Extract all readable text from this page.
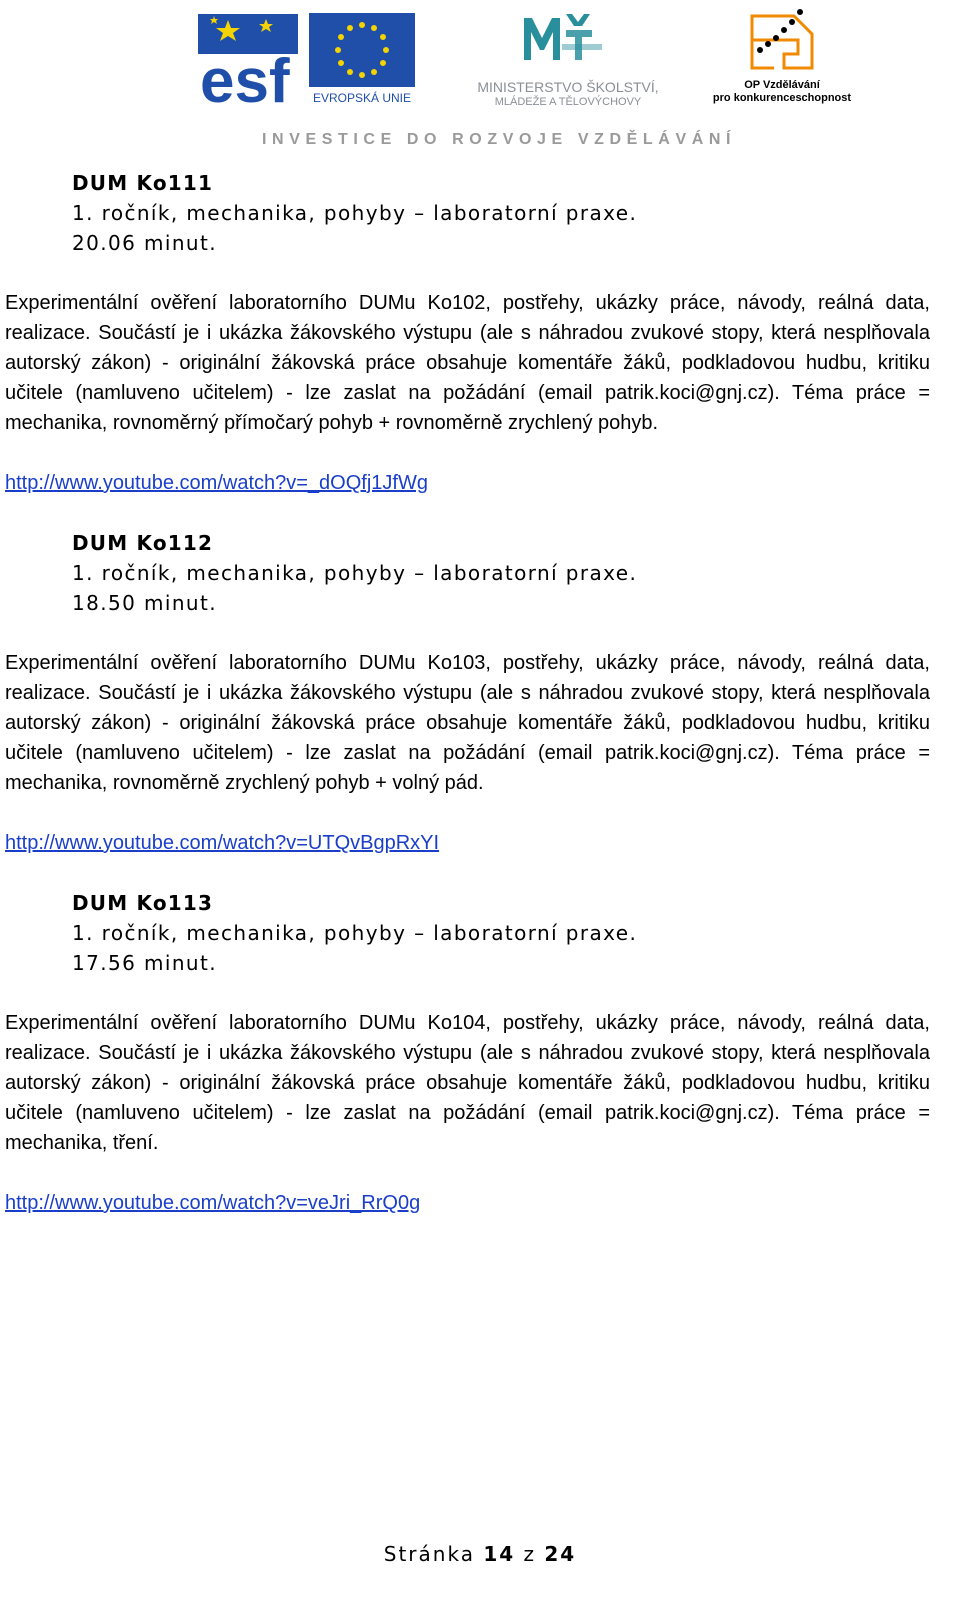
esf EVROPSKÁ UNIE
MINISTERSTVO ŠKOLSTVÍ,
MLÁDEŽE A TĚLOVÝCHOVY
OP Vzdělávání
pro konkurenceschopnost
INVESTICE DO ROZVOJE VZDĚLÁVÁNÍ
DUM Ko111
1. ročník, mechanika, pohyby – laboratorní praxe.
20.06 minut.
Experimentální ověření laboratorního DUMu Ko102, postřehy, ukázky práce, návody, reálná data, realizace. Součástí je i ukázka žákovského výstupu (ale s náhradou zvukové stopy, která nesplňovala autorský zákon) - originální žákovská práce obsahuje komentáře žáků, podkladovou hudbu, kritiku učitele (namluveno učitelem) - lze zaslat na požádání (email patrik.koci@gnj.cz). Téma práce = mechanika, rovnoměrný přímočarý pohyb + rovnoměrně zrychlený pohyb.
http://www.youtube.com/watch?v=_dOQfj1JfWg
DUM Ko112
1. ročník, mechanika, pohyby – laboratorní praxe.
18.50 minut.
Experimentální ověření laboratorního DUMu Ko103, postřehy, ukázky práce, návody, reálná data, realizace. Součástí je i ukázka žákovského výstupu (ale s náhradou zvukové stopy, která nesplňovala autorský zákon) - originální žákovská práce obsahuje komentáře žáků, podkladovou hudbu, kritiku učitele (namluveno učitelem) - lze zaslat na požádání (email patrik.koci@gnj.cz). Téma práce = mechanika, rovnoměrně zrychlený pohyb + volný pád.
http://www.youtube.com/watch?v=UTQvBgpRxYI
DUM Ko113
1. ročník, mechanika, pohyby – laboratorní praxe.
17.56 minut.
Experimentální ověření laboratorního DUMu Ko104, postřehy, ukázky práce, návody, reálná data, realizace. Součástí je i ukázka žákovského výstupu (ale s náhradou zvukové stopy, která nesplňovala autorský zákon) - originální žákovská práce obsahuje komentáře žáků, podkladovou hudbu, kritiku učitele (namluveno učitelem) - lze zaslat na požádání (email patrik.koci@gnj.cz). Téma práce = mechanika, tření.
http://www.youtube.com/watch?v=veJri_RrQ0g
Stránka 14 z 24
